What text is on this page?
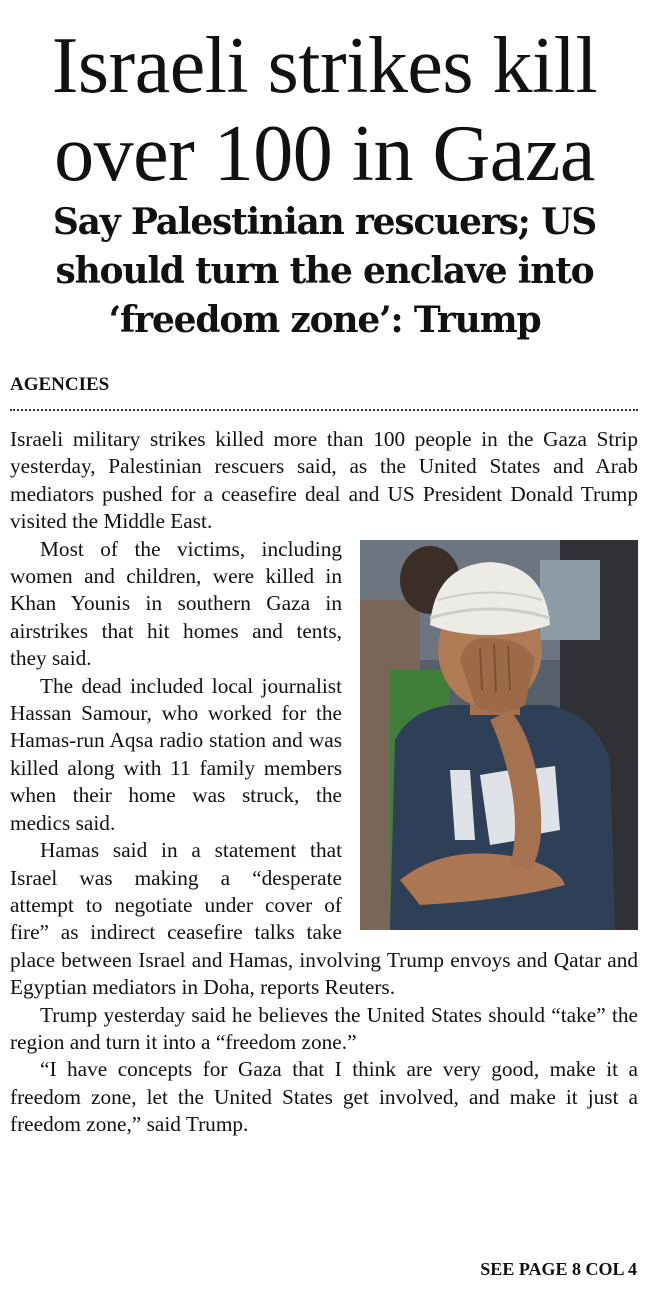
Israeli strikes kill over 100 in Gaza
Say Palestinian rescuers; US should turn the enclave into ‘freedom zone’: Trump
AGENCIES

Israeli military strikes killed more than 100 people in the Gaza Strip yesterday, Palestinian rescuers said, as the United States and Arab mediators pushed for a ceasefire deal and US President Donald Trump visited the Middle East.

Most of the victims, including women and children, were killed in Khan Younis in southern Gaza in airstrikes that hit homes and tents, they said.

The dead included local journalist Hassan Samour, who worked for the Hamas-run Aqsa radio station and was killed along with 11 family members when their home was struck, the medics said.

Hamas said in a statement that Israel was making a “desperate attempt to negotiate under cover of fire” as indirect ceasefire talks take place between Israel and Hamas, involving Trump envoys and Qatar and Egyptian mediators in Doha, reports Reuters.

Trump yesterday said he believes the United States should “take” the region and turn it into a “freedom zone.”

“I have concepts for Gaza that I think are very good, make it a freedom zone, let the United States get involved, and make it just a freedom zone,” said Trump.

SEE PAGE 8 COL 4
